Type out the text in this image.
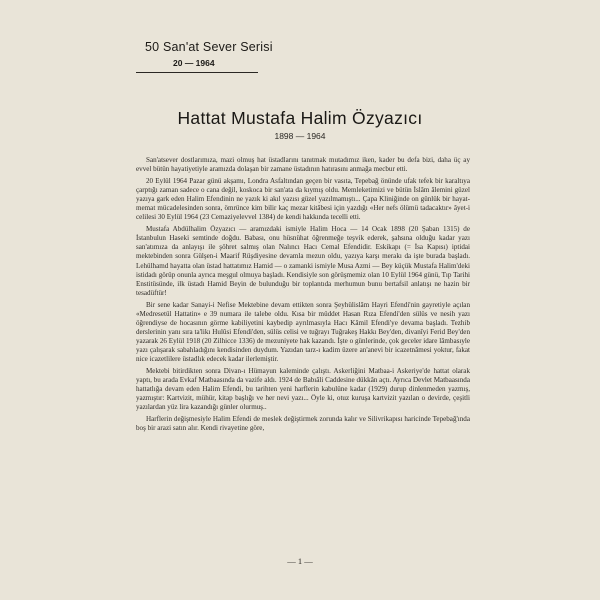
50 San'at Sever Serisi
20 — 1964
Hattat Mustafa Halim Özyazıcı
1898 — 1964

San'atsever dostlarımıza, mazi olmuş hat üstadlarını tanıtmak mutadımız iken, kader bu defa bizi, daha üç ay evvel bütün hayatiyetiyle aramızda dolaşan bir zamane üstadının hatırasını anmağa mecbur etti.

20 Eylül 1964 Pazar günü akşamı, Londra Asfaltından geçen bir vasıta, Tepebağ önünde ufak tefek bir karaltıya çarptığı zaman sadece o cana değil, koskoca bir san'ata da kıymış oldu. Memleketimizi ve bütün İslâm âlemini güzel yazıya gark eden Halim Efendinin ne yazık ki akıl yazısı güzel yazılmamıştı... Çapa Kliniğinde on günlük bir hayat-memat mücadelesinden sonra, ömrünce kim bilir kaç mezar kitâbesi için yazdığı «Her nefs ölümü tadacaktır» âyet-i celilesi 30 Eylül 1964 (23 Cemaziyelevvel 1384) de kendi hakkında tecelli etti.

Mustafa Abdülhalim Özyazıcı — aramızdaki ismiyle Halim Hoca — 14 Ocak 1898 (20 Şaban 1315) de İstanbulun Haseki semtinde doğdu. Babası, onu hüsnühat öğrenmeğe teşvik ederek, şahsına olduğu kadar yazı san'atımıza da anlayışı ile şöhret salmış olan Nalıncı Hacı Cemal Efendidir. Eskikapı (= İsa Kapısı) iptidai mektebinden sonra Gülşen-i Maarif Rüşdiyesine devamla mezun oldu, yazıya karşı merakı da işte burada başladı. Lehülhamd hayatta olan üstad hattatımız Hamid — o zamanki ismiyle Musa Azmi — Bey küçük Mustafa Halim'deki istidadı görüp onunla ayrıca meşgul olmuya başladı. Kendisiyle son görüşmemiz olan 10 Eylül 1964 günü, Tıp Tarihi Enstitüsünde, ilk üstadı Hamid Beyin de bulunduğu bir toplantıda merhumun bunu bertafsil anlatışı ne hazin bir tesadüftür!

Bir sene kadar Sanayi-i Nefise Mektebine devam ettikten sonra Şeyhülislâm Hayri Efendi'nin gayretiyle açılan «Medresetül Hattatin» e 39 numara ile talebe oldu. Kısa bir müddet Hasan Rıza Efendi'den sülüs ve nesih yazı öğrendiyse de hocasının görme kabiliyetini kaybedip ayrılmasıyla Hacı Kâmil Efendi'ye devama başladı. Tezhib derslerinin yanı sıra ta'likı Hulûsi Efendi'den, sülüs celisi ve tuğrayı Tuğrakeş Hakkı Bey'den, divanîyi Ferid Bey'den yazarak 26 Eylül 1918 (20 Zilhicce 1336) de mezuniyete hak kazandı. İşte o günlerinde, çok geceler idare lâmbasıyle yazı çalışarak sabahladığını kendisinden duydum. Yazıdan tarz-ı kadim üzere an'anevi bir icazetnâmesi yoktur, fakat nice icazetlilere üstadlık edecek kadar ilerlemiştir.

Mektebi bitirdikten sonra Divan-ı Hümayun kaleminde çalıştı. Askerliğini Matbaa-i Askeriye'de hattat olarak yaptı, bu arada Evkaf Matbaasında da vazife aldı. 1924 de Babıâli Caddesine dükkân açtı. Ayrıca Devlet Matbaasında hattatlığa devam eden Halim Efendi, bu tarihten yeni harflerin kabulüne kadar (1929) durup dinlenmeden yazmış, yazmıştır: Kartvizit, mühür, kitap başlığı ve her nevi yazı... Öyle ki, otuz kuruşa kartvizit yazılan o devirde, çeşitli yazılardan yüz lira kazandığı günler olurmuş..

Harflerin değişmesiyle Halim Efendi de meslek değiştirmek zorunda kalır ve Silivrikapısı haricinde Tepebağ'ında boş bir arazi satın alır. Kendi rivayetine göre,

— 1 —
